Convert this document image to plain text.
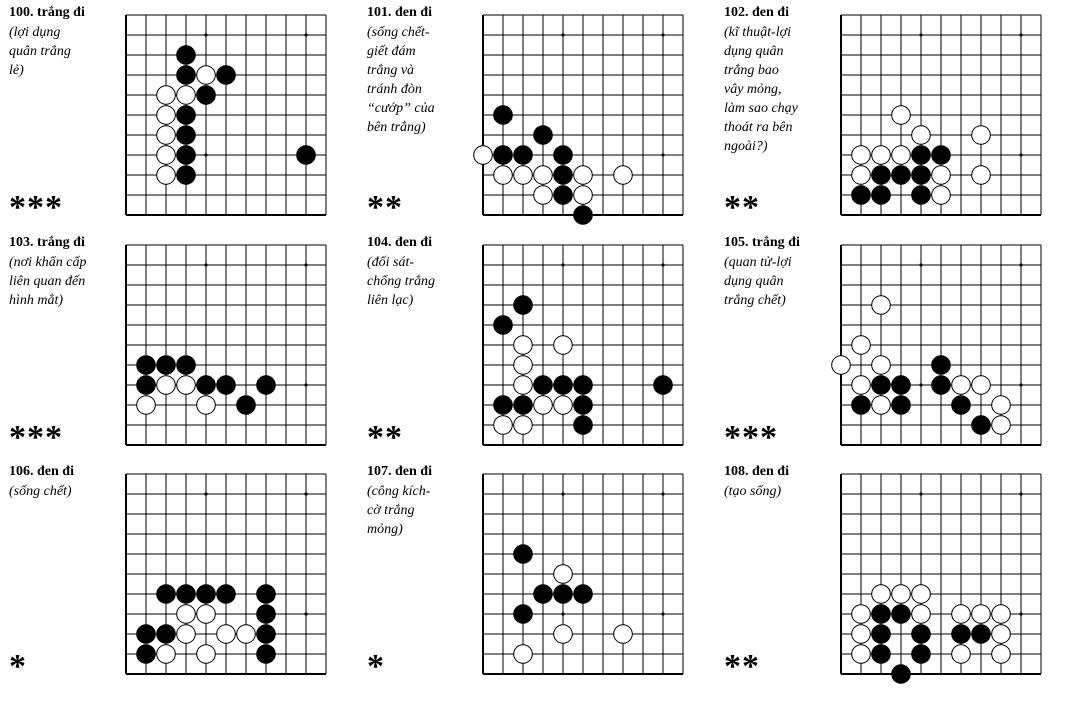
100. trắng đi
(lợi dụng
quân trắng
lẻ)
***
101. đen đi
(sống chết-
giết đám
trắng và
tránh đòn
“cướp” của
bên trắng)
**
102. đen đi
(kĩ thuật-lợi
dụng quân
trắng bao
vây mỏng,
làm sao chạy
thoát ra bên
ngoài?)
**
103. trắng đi
(nơi khẩn cấp
liên quan đến
hình mắt)
***
104. đen đi
(đối sát-
chống trắng
liên lạc)
**
105. trắng đi
(quan tử-lợi
dụng quân
trắng chết)
***
106. đen đi
(sống chết)
*
107. đen đi
(công kích-
cờ trắng
mỏng)
*
108. đen đi
(tạo sống)
**
